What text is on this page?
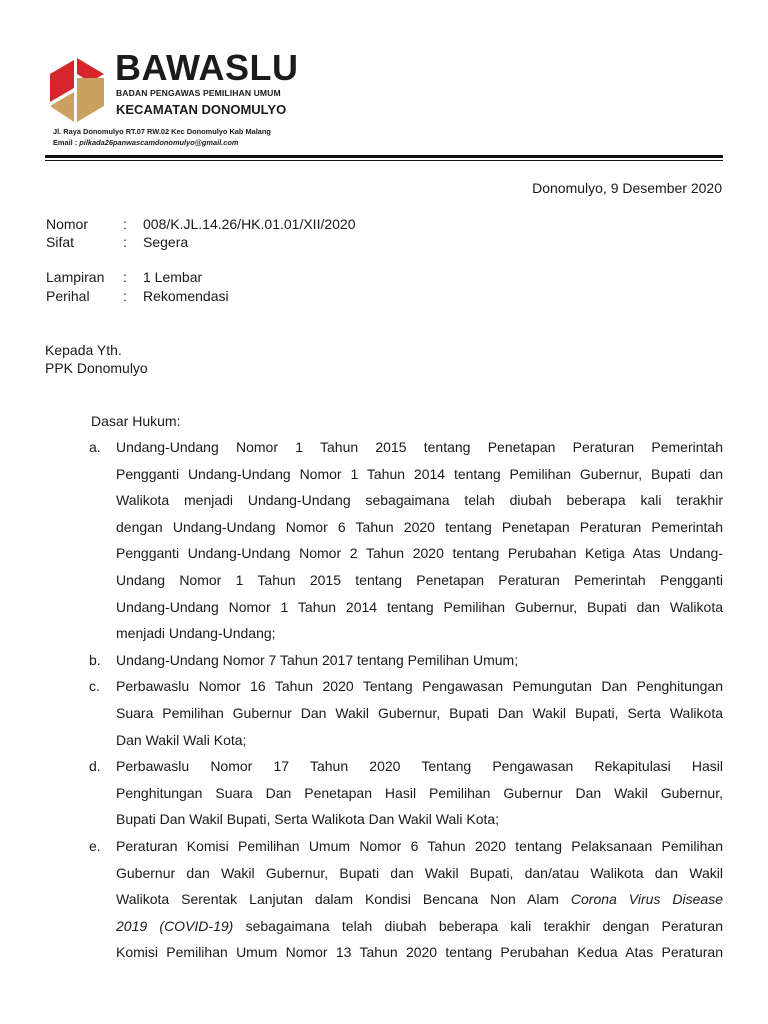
BAWASLU
BADAN PENGAWAS PEMILIHAN UMUM
KECAMATAN DONOMULYO
Jl. Raya Donomulyo RT.07 RW.02 Kec Donomulyo Kab Malang
Email : pilkada26panwascamdonomulyo@gmail.com
Donomulyo, 9 Desember 2020
Nomor	: 008/K.JL.14.26/HK.01.01/XII/2020
Sifat	: Segera
Lampiran	: 1 Lembar
Perihal	: Rekomendasi
Kepada Yth.
PPK Donomulyo
Dasar Hukum:
a. Undang-Undang Nomor 1 Tahun 2015 tentang Penetapan Peraturan Pemerintah
Pengganti Undang-Undang Nomor 1 Tahun 2014 tentang Pemilihan Gubernur, Bupati dan
Walikota menjadi Undang-Undang sebagaimana telah diubah beberapa kali terakhir
dengan Undang-Undang Nomor 6 Tahun 2020 tentang Penetapan Peraturan Pemerintah
Pengganti Undang-Undang Nomor 2 Tahun 2020 tentang Perubahan Ketiga Atas Undang-
Undang Nomor 1 Tahun 2015 tentang Penetapan Peraturan Pemerintah Pengganti
Undang-Undang Nomor 1 Tahun 2014 tentang Pemilihan Gubernur, Bupati dan Walikota
menjadi Undang-Undang;
b. Undang-Undang Nomor 7 Tahun 2017 tentang Pemilihan Umum;
c. Perbawaslu Nomor 16 Tahun 2020 Tentang Pengawasan Pemungutan Dan Penghitungan
Suara Pemilihan Gubernur Dan Wakil Gubernur, Bupati Dan Wakil Bupati, Serta Walikota
Dan Wakil Wali Kota;
d. Perbawaslu Nomor 17 Tahun 2020 Tentang Pengawasan Rekapitulasi Hasil
Penghitungan Suara Dan Penetapan Hasil Pemilihan Gubernur Dan Wakil Gubernur,
Bupati Dan Wakil Bupati, Serta Walikota Dan Wakil Wali Kota;
e. Peraturan Komisi Pemilihan Umum Nomor 6 Tahun 2020 tentang Pelaksanaan Pemilihan
Gubernur dan Wakil Gubernur, Bupati dan Wakil Bupati, dan/atau Walikota dan Wakil
Walikota Serentak Lanjutan dalam Kondisi Bencana Non Alam Corona Virus Disease
2019 (COVID-19) sebagaimana telah diubah beberapa kali terakhir dengan Peraturan
Komisi Pemilihan Umum Nomor 13 Tahun 2020 tentang Perubahan Kedua Atas Peraturan
